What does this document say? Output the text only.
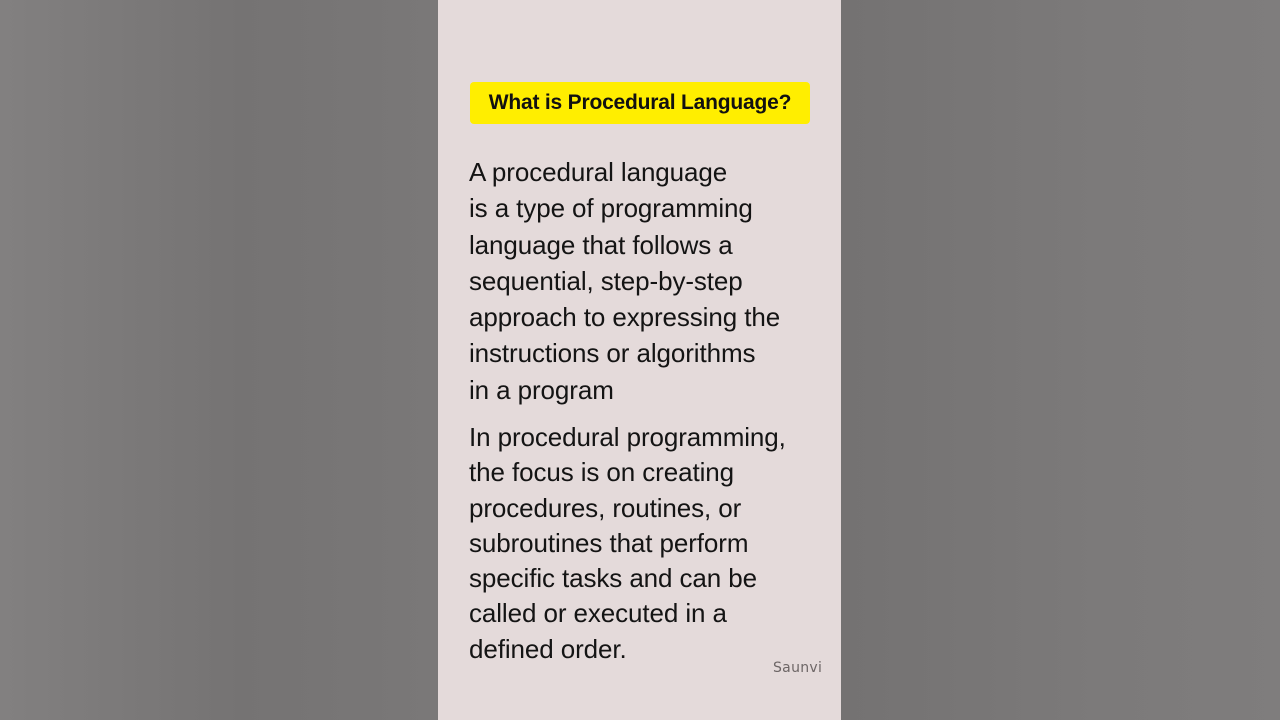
What is Procedural Language?

A procedural language
is a type of programming
language that follows a
sequential, step-by-step
approach to expressing the
instructions or algorithms
in a program

In procedural programming,
the focus is on creating
procedures, routines, or
subroutines that perform
specific tasks and can be
called or executed in a
defined order.

Saunvi
